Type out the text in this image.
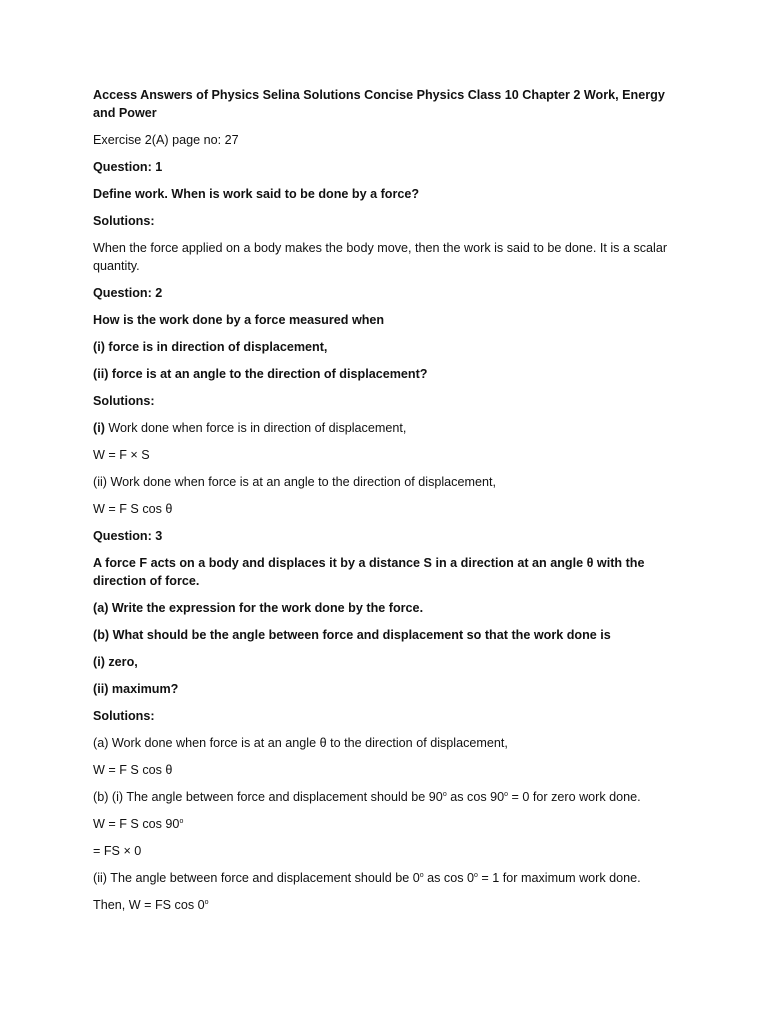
Access Answers of Physics Selina Solutions Concise Physics Class 10 Chapter 2 Work, Energy and Power

Exercise 2(A) page no: 27

Question: 1

Define work. When is work said to be done by a force?

Solutions:

When the force applied on a body makes the body move, then the work is said to be done. It is a scalar quantity.

Question: 2

How is the work done by a force measured when

(i) force is in direction of displacement,

(ii) force is at an angle to the direction of displacement?

Solutions:

(i) Work done when force is in direction of displacement,

W = F × S

(ii) Work done when force is at an angle to the direction of displacement,

W = F S cos θ

Question: 3

A force F acts on a body and displaces it by a distance S in a direction at an angle θ with the direction of force.

(a) Write the expression for the work done by the force.

(b) What should be the angle between force and displacement so that the work done is

(i) zero,

(ii) maximum?

Solutions:

(a) Work done when force is at an angle θ to the direction of displacement,

W = F S cos θ

(b) (i) The angle between force and displacement should be 90$^o$ as $\cos 90^o = 0$ for zero work done.

W = F S cos 90$^o$

= FS × 0

(ii) The angle between force and displacement should be 0$^o$ as $\cos 0^o = 1$ for maximum work done.

Then, W = FS cos 0$^o$
